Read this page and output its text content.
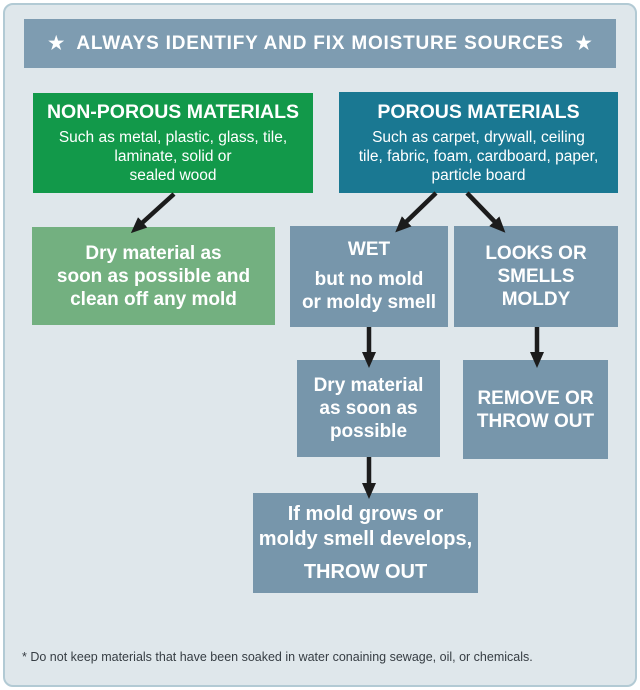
★ ALWAYS IDENTIFY AND FIX MOISTURE SOURCES ★
NON-POROUS MATERIALS
Such as metal, plastic, glass, tile,
laminate, solid or
sealed wood
POROUS MATERIALS
Such as carpet, drywall, ceiling
tile, fabric, foam, cardboard, paper,
particle board
Dry material as
soon as possible and
clean off any mold
WET
but no mold
or moldy smell
LOOKS OR
SMELLS
MOLDY
Dry material
as soon as
possible
REMOVE OR
THROW OUT
If mold grows or
moldy smell develops,
THROW OUT
* Do not keep materials that have been soaked in water conaining sewage, oil, or chemicals.
